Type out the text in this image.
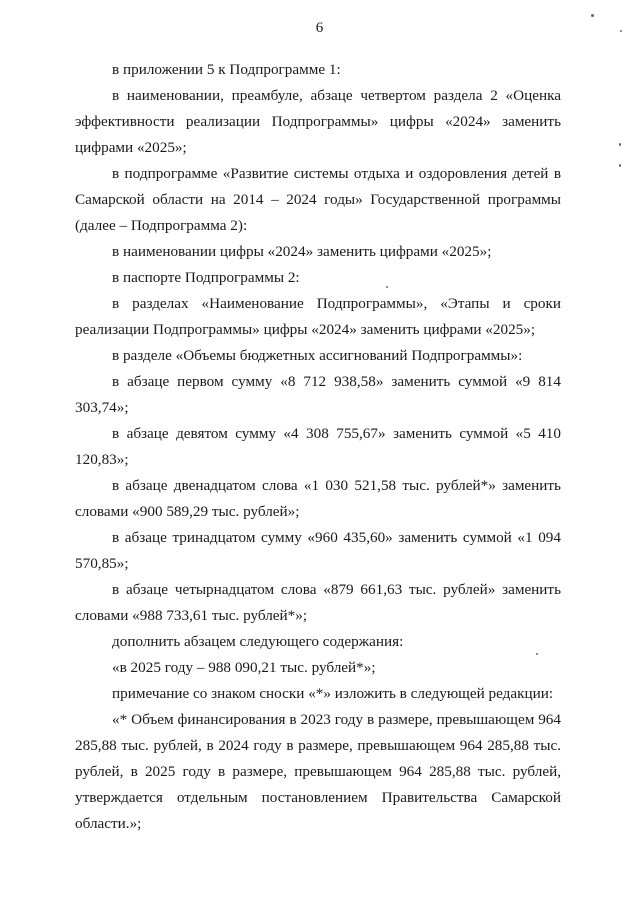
6

в приложении 5 к Подпрограмме 1:

в наименовании, преамбуле, абзаце четвертом раздела 2 «Оценка эффективности реализации Подпрограммы» цифры «2024» заменить цифрами «2025»;

в подпрограмме «Развитие системы отдыха и оздоровления детей в Самарской области на 2014 – 2024 годы» Государственной программы (далее – Подпрограмма 2):

в наименовании цифры «2024» заменить цифрами «2025»;

в паспорте Подпрограммы 2:

в разделах «Наименование Подпрограммы», «Этапы и сроки реализации Подпрограммы» цифры «2024» заменить цифрами «2025»;

в разделе «Объемы бюджетных ассигнований Подпрограммы»:

в абзаце первом сумму «8 712 938,58» заменить суммой «9 814 303,74»;

в абзаце девятом сумму «4 308 755,67» заменить суммой «5 410 120,83»;

в абзаце двенадцатом слова «1 030 521,58 тыс. рублей*» заменить словами «900 589,29 тыс. рублей»;

в абзаце тринадцатом сумму «960 435,60» заменить суммой «1 094 570,85»;

в абзаце четырнадцатом слова «879 661,63 тыс. рублей» заменить словами «988 733,61 тыс. рублей*»;

дополнить абзацем следующего содержания:

«в 2025 году – 988 090,21 тыс. рублей*»;

примечание со знаком сноски «*» изложить в следующей редакции:

«* Объем финансирования в 2023 году в размере, превышающем 964 285,88 тыс. рублей, в 2024 году в размере, превышающем 964 285,88 тыс. рублей, в 2025 году в размере, превышающем 964 285,88 тыс. рублей, утверждается отдельным постановлением Правительства Самарской области.»;
